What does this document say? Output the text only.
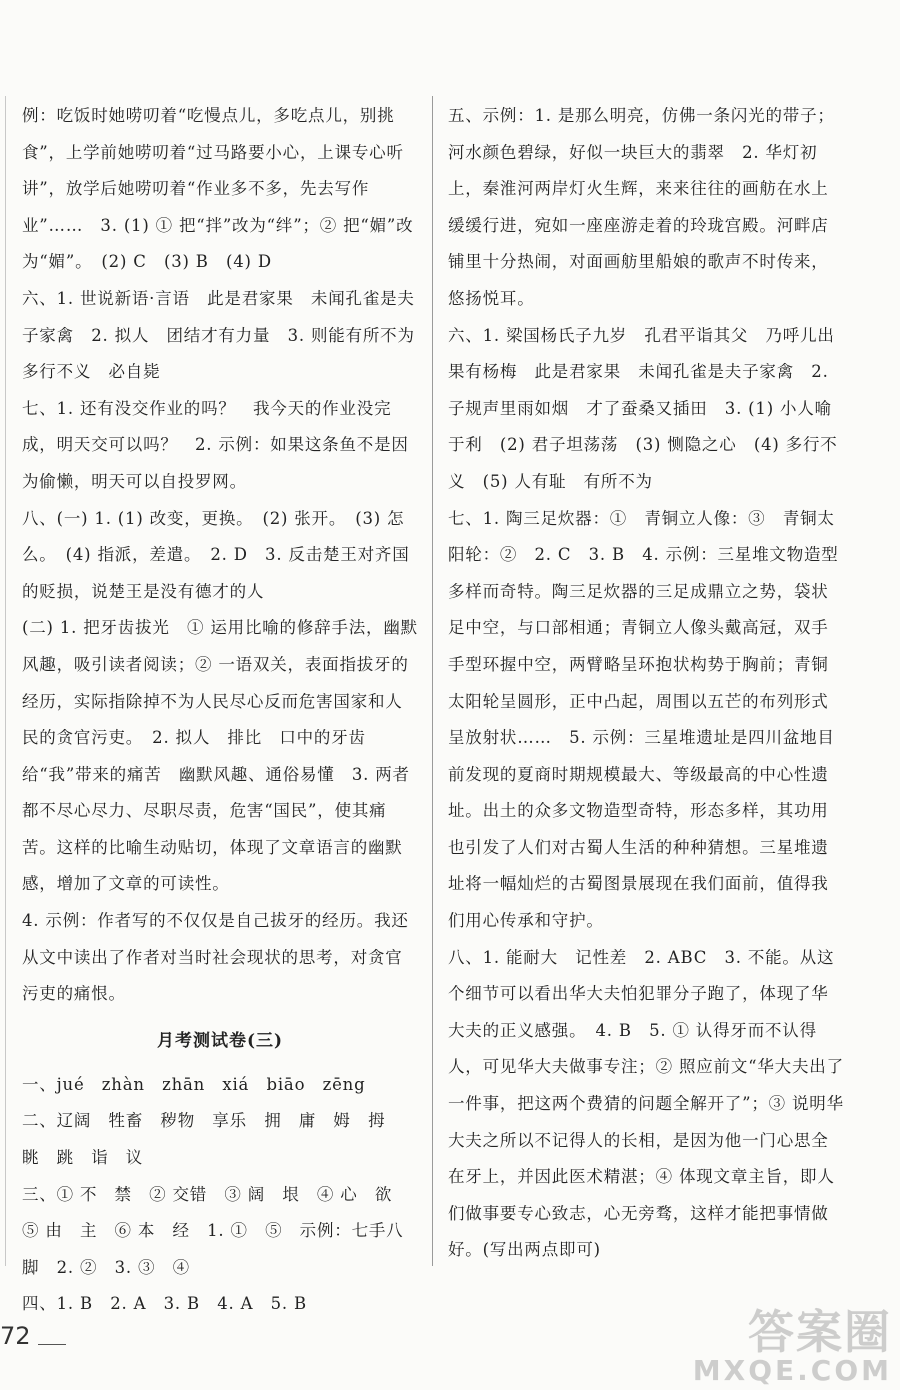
例：吃饭时她唠叨着“吃慢点儿，多吃点儿，别挑食”，上学前她唠叨着“过马路要小心，上课专心听讲”，放学后她唠叨着“作业多不多，先去写作业”……　3. (1) ① 把“拌”改为“绊”；② 把“媚”改为“媚”。　(2) C　(3) B　(4) D
六、1. 世说新语·言语　此是君家果　未闻孔雀是夫子家禽　2. 拟人　团结才有力量　3. 则能有所不为　多行不义　必自毙
七、1. 还有没交作业的吗？　我今天的作业没完成，明天交可以吗？　2. 示例：如果这条鱼不是因为偷懒，明天可以自投罗网。
八、(一) 1. (1) 改变，更换。　(2) 张开。　(3) 怎么。　(4) 指派，差遣。　2. D　3. 反击楚王对齐国的贬损，说楚王是没有德才的人
(二) 1. 把牙齿拔光　① 运用比喻的修辞手法，幽默风趣，吸引读者阅读；② 一语双关，表面指拔牙的经历，实际指除掉不为人民尽心反而危害国家和人民的贪官污吏。　2. 拟人　排比　口中的牙齿给“我”带来的痛苦　幽默风趣、通俗易懂　3. 两者都不尽心尽力、尽职尽责，危害“国民”，使其痛苦。这样的比喻生动贴切，体现了文章语言的幽默感，增加了文章的可读性。
4. 示例：作者写的不仅仅是自己拔牙的经历。我还从文中读出了作者对当时社会现状的思考，对贪官污吏的痛恨。
月考测试卷(三)
一、jué　zhàn　zhān　xiá　biāo　zēng
二、辽阔　牲畜　秽物　享乐　拥　庸　姆　拇　眺　跳　诣　议
三、① 不　禁　② 交错　③ 阔　垠　④ 心　欲　⑤ 由　主　⑥ 本　经　1. ①　⑤　示例：七手八脚　2. ②　3. ③　④
四、1. B　2. A　3. B　4. A　5. B
五、示例：1. 是那么明亮，仿佛一条闪光的带子；河水颜色碧绿，好似一块巨大的翡翠　2. 华灯初上，秦淮河两岸灯火生辉，来来往往的画舫在水上缓缓行进，宛如一座座游走着的玲珑宫殿。河畔店铺里十分热闹，对面画舫里船娘的歌声不时传来，悠扬悦耳。
六、1. 梁国杨氏子九岁　孔君平诣其父　乃呼儿出　果有杨梅　此是君家果　未闻孔雀是夫子家禽　2. 子规声里雨如烟　才了蚕桑又插田　3. (1) 小人喻于利　(2) 君子坦荡荡　(3) 恻隐之心　(4) 多行不义　(5) 人有耻　有所不为
七、1. 陶三足炊器：①　青铜立人像：③　青铜太阳轮：②　2. C　3. B　4. 示例：三星堆文物造型多样而奇特。陶三足炊器的三足成鼎立之势，袋状足中空，与口部相通；青铜立人像头戴高冠，双手手型环握中空，两臂略呈环抱状构势于胸前；青铜太阳轮呈圆形，正中凸起，周围以五芒的布列形式呈放射状……　5. 示例：三星堆遗址是四川盆地目前发现的夏商时期规模最大、等级最高的中心性遗址。出土的众多文物造型奇特，形态多样，其功用也引发了人们对古蜀人生活的种种猜想。三星堆遗址将一幅灿烂的古蜀图景展现在我们面前，值得我们用心传承和守护。
八、1. 能耐大　记性差　2. ABC　3. 不能。从这个细节可以看出华大夫怕犯罪分子跑了，体现了华大夫的正义感强。　4. B　5. ① 认得牙而不认得人，可见华大夫做事专注；② 照应前文“华大夫出了一件事，把这两个费猜的问题全解开了”；③ 说明华大夫之所以不记得人的长相，是因为他一门心思全在牙上，并因此医术精湛；④ 体现文章主旨，即人们做事要专心致志，心无旁骛，这样才能把事情做好。(写出两点即可)
72	答案圈
MXQE.COM
